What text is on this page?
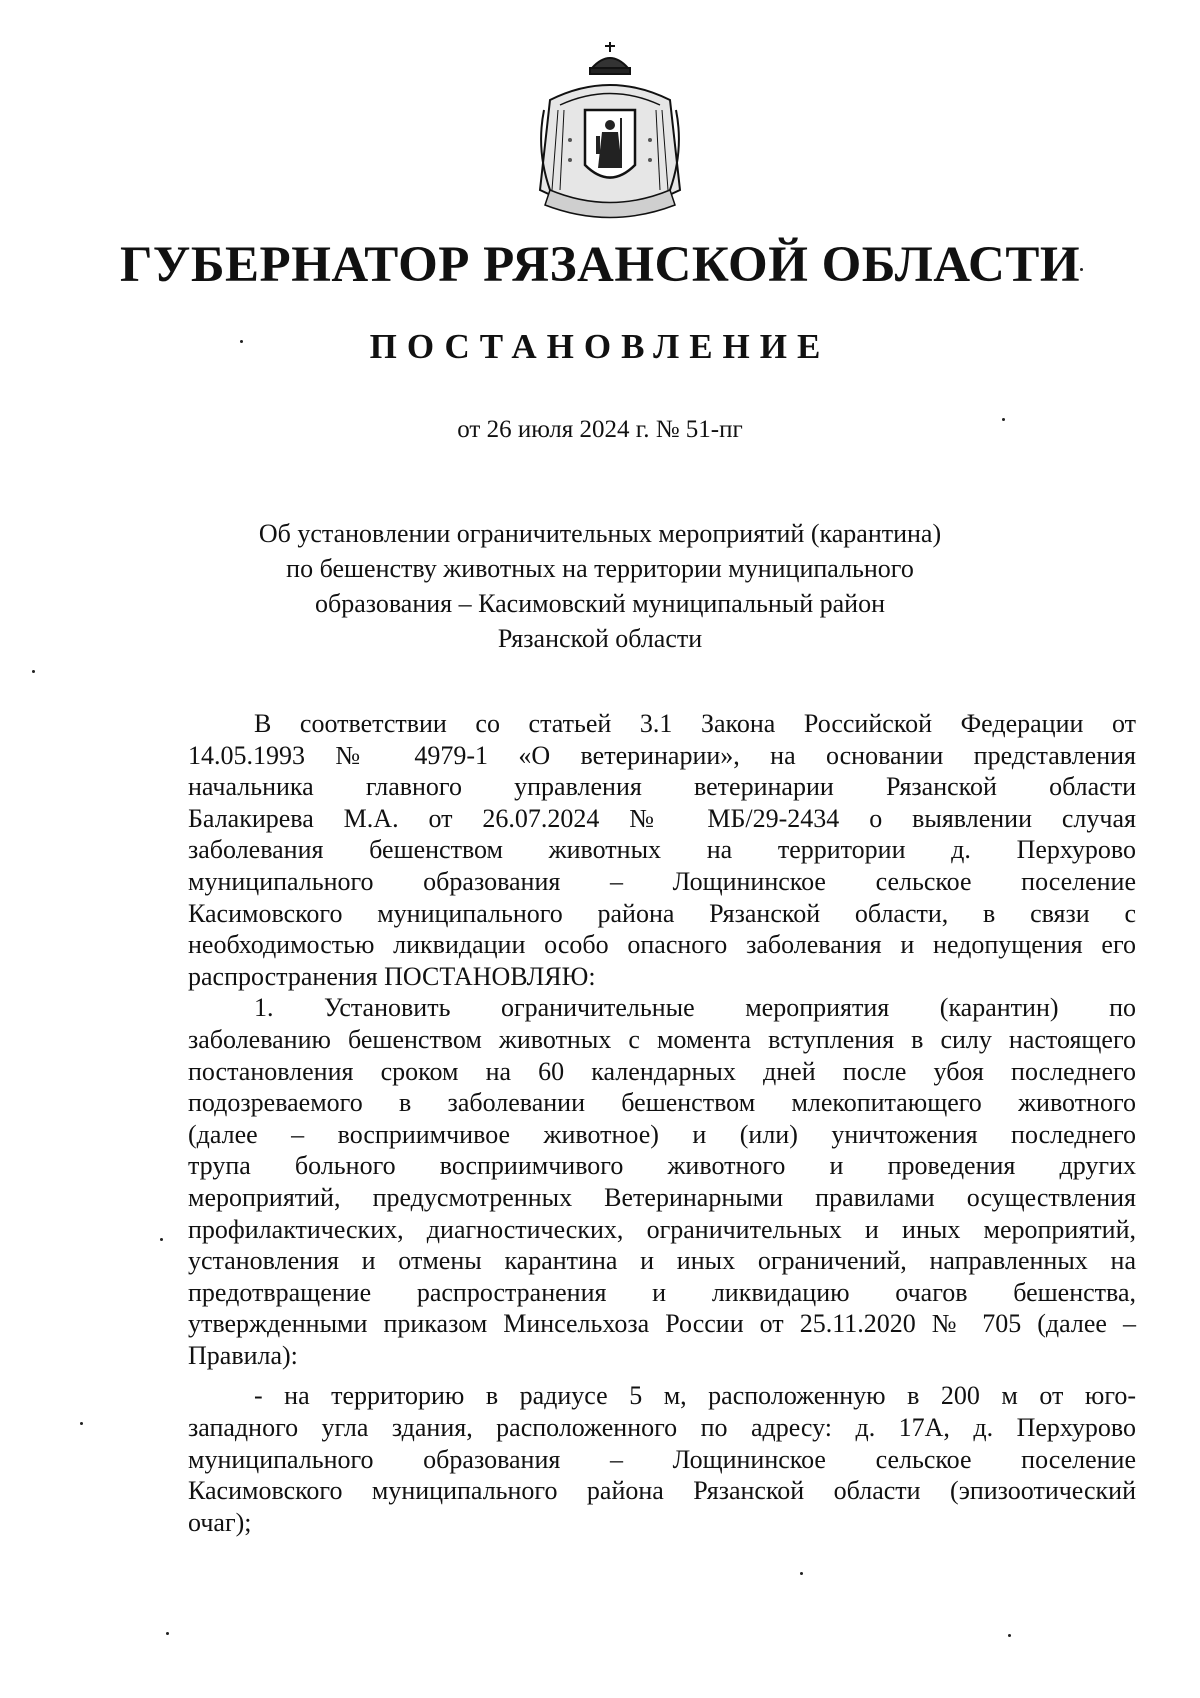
ГУБЕРНАТОР РЯЗАНСКОЙ ОБЛАСТИ
ПОСТАНОВЛЕНИЕ
от 26 июля 2024 г. № 51-пг
Об установлении ограничительных мероприятий (карантина)
по бешенству животных на территории муниципального
образования – Касимовский муниципальный район
Рязанской области
В соответствии со статьей 3.1 Закона Российской Федерации от
14.05.1993 № 4979-1 «О ветеринарии», на основании представления
начальника главного управления ветеринарии Рязанской области
Балакирева М.А. от 26.07.2024 № МБ/29-2434 о выявлении случая
заболевания бешенством животных на территории д. Перхурово
муниципального образования – Лощининское сельское поселение
Касимовского муниципального района Рязанской области, в связи с
необходимостью ликвидации особо опасного заболевания и недопущения его
распространения ПОСТАНОВЛЯЮ:
1. Установить ограничительные мероприятия (карантин) по
заболеванию бешенством животных с момента вступления в силу настоящего
постановления сроком на 60 календарных дней после убоя последнего
подозреваемого в заболевании бешенством млекопитающего животного
(далее – восприимчивое животное) и (или) уничтожения последнего
трупа больного восприимчивого животного и проведения других
мероприятий, предусмотренных Ветеринарными правилами осуществления
профилактических, диагностических, ограничительных и иных мероприятий,
установления и отмены карантина и иных ограничений, направленных на
предотвращение распространения и ликвидацию очагов бешенства,
утвержденными приказом Минсельхоза России от 25.11.2020 № 705 (далее –
Правила):
- на территорию в радиусе 5 м, расположенную в 200 м от юго-
западного угла здания, расположенного по адресу: д. 17А, д. Перхурово
муниципального образования – Лощининское сельское поселение
Касимовского муниципального района Рязанской области (эпизоотический
очаг);
